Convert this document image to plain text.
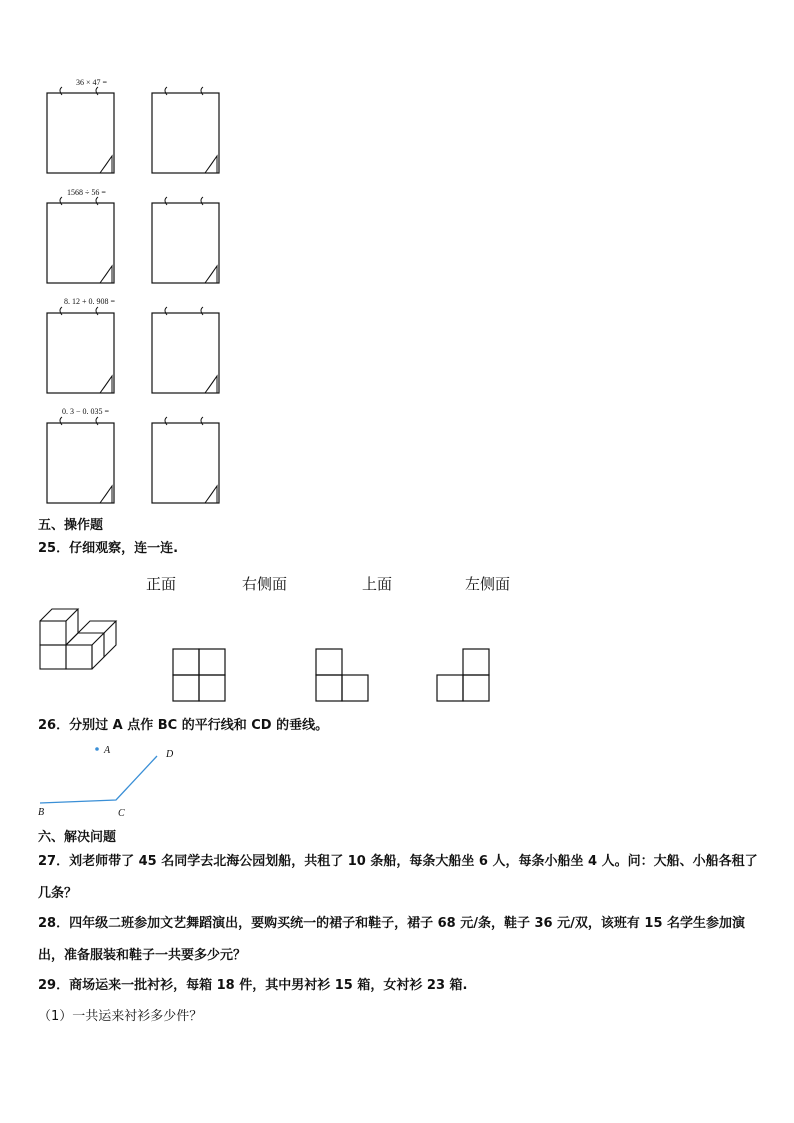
36 × 47 =
1568 ÷ 56 =
8. 12 + 0. 908 =
0. 3 − 0. 035 =
五、操作题
25．仔细观察，连一连.
正面	右侧面	上面	左侧面
26．分别过 A 点作 BC 的平行线和 CD 的垂线。
A
B	C
D
六、解决问题
27．刘老师带了 45 名同学去北海公园划船，共租了 10 条船，每条大船坐 6 人，每条小船坐 4 人。问：大船、小船各租了几条？
28．四年级二班参加文艺舞蹈演出，要购买统一的裙子和鞋子，裙子 68 元/条，鞋子 36 元/双，该班有 15 名学生参加演出，准备服装和鞋子一共要多少元？
29．商场运来一批衬衫，每箱 18 件，其中男衬衫 15 箱，女衬衫 23 箱.
（1）一共运来衬衫多少件？
